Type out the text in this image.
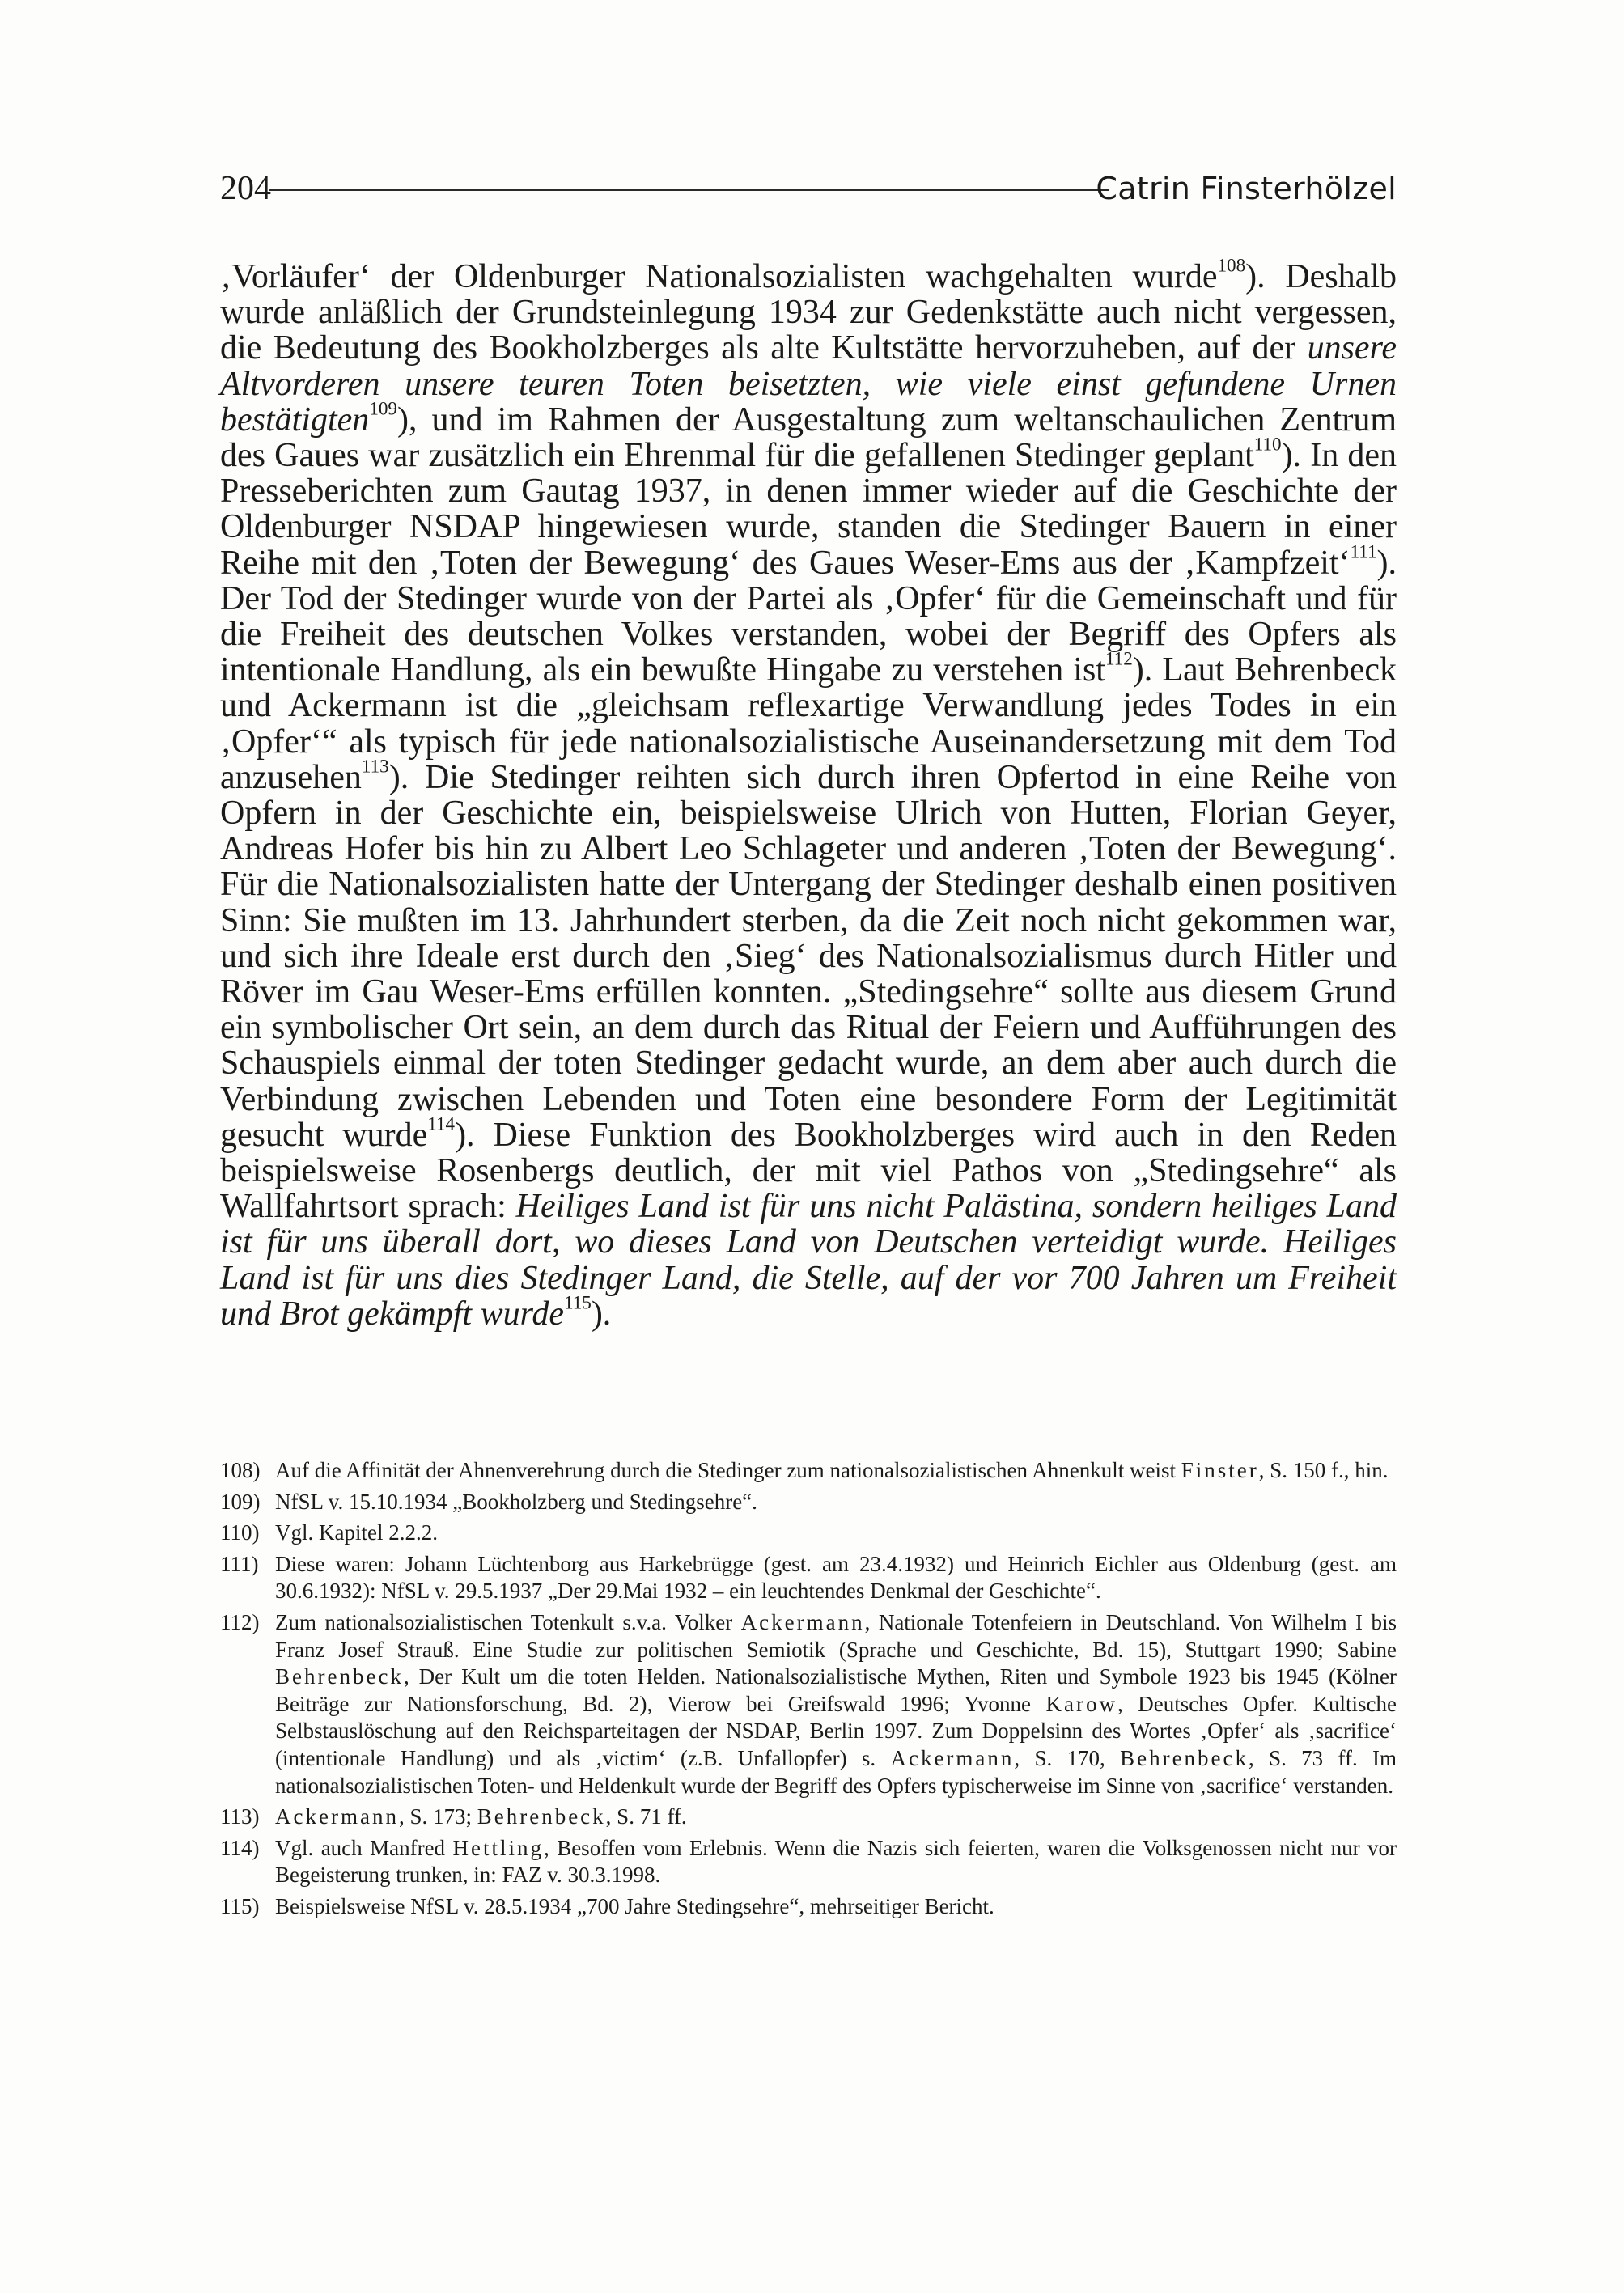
204	Catrin Finsterhölzel

‚Vorläufer‘ der Oldenburger Nationalsozialisten wachgehalten wurde$^{108}$). Deshalb wurde anläßlich der Grundsteinlegung 1934 zur Gedenkstätte auch nicht vergessen, die Bedeutung des Bookholzberges als alte Kultstätte hervorzuheben, auf der unsere Altvorderen unsere teuren Toten beisetzten, wie viele einst gefundene Urnen bestätigten$^{109}$), und im Rahmen der Ausgestaltung zum weltanschaulichen Zentrum des Gaues war zusätzlich ein Ehrenmal für die gefallenen Stedinger geplant$^{110}$). In den Presseberichten zum Gautag 1937, in denen immer wieder auf die Geschichte der Oldenburger NSDAP hingewiesen wurde, standen die Stedinger Bauern in einer Reihe mit den ‚Toten der Bewegung‘ des Gaues Weser-Ems aus der ‚Kampfzeit‘$^{111}$). Der Tod der Stedinger wurde von der Partei als ‚Opfer‘ für die Gemeinschaft und für die Freiheit des deutschen Volkes verstanden, wobei der Begriff des Opfers als intentionale Handlung, als ein bewußte Hingabe zu verstehen ist$^{112}$). Laut Behrenbeck und Ackermann ist die „gleichsam reflexartige Verwandlung jedes Todes in ein ‚Opfer‘“ als typisch für jede nationalsozialistische Auseinandersetzung mit dem Tod anzusehen$^{113}$). Die Stedinger reihten sich durch ihren Opfertod in eine Reihe von Opfern in der Geschichte ein, beispielsweise Ulrich von Hutten, Florian Geyer, Andreas Hofer bis hin zu Albert Leo Schlageter und anderen ‚Toten der Bewegung‘. Für die Nationalsozialisten hatte der Untergang der Stedinger deshalb einen positiven Sinn: Sie mußten im 13. Jahrhundert sterben, da die Zeit noch nicht gekommen war, und sich ihre Ideale erst durch den ‚Sieg‘ des Nationalsozialismus durch Hitler und Röver im Gau Weser-Ems erfüllen konnten. „Stedingsehre“ sollte aus diesem Grund ein symbolischer Ort sein, an dem durch das Ritual der Feiern und Aufführungen des Schauspiels einmal der toten Stedinger gedacht wurde, an dem aber auch durch die Verbindung zwischen Lebenden und Toten eine besondere Form der Legitimität gesucht wurde$^{114}$). Diese Funktion des Bookholzberges wird auch in den Reden beispielsweise Rosenbergs deutlich, der mit viel Pathos von „Stedingsehre“ als Wallfahrtsort sprach: Heiliges Land ist für uns nicht Palästina, sondern heiliges Land ist für uns überall dort, wo dieses Land von Deutschen verteidigt wurde. Heiliges Land ist für uns dies Stedinger Land, die Stelle, auf der vor 700 Jahren um Freiheit und Brot gekämpft wurde$^{115}$).

108) Auf die Affinität der Ahnenverehrung durch die Stedinger zum nationalsozialistischen Ahnenkult weist Finster, S. 150 f., hin.
109) NfSL v. 15.10.1934 „Bookholzberg und Stedingsehre“.
110) Vgl. Kapitel 2.2.2.
111) Diese waren: Johann Lüchtenborg aus Harkebrügge (gest. am 23.4.1932) und Heinrich Eichler aus Oldenburg (gest. am 30.6.1932): NfSL v. 29.5.1937 „Der 29.Mai 1932 – ein leuchtendes Denkmal der Geschichte“.
112) Zum nationalsozialistischen Totenkult s.v.a. Volker Ackermann, Nationale Totenfeiern in Deutschland. Von Wilhelm I bis Franz Josef Strauß. Eine Studie zur politischen Semiotik (Sprache und Geschichte, Bd. 15), Stuttgart 1990; Sabine Behrenbeck, Der Kult um die toten Helden. Nationalsozialistische Mythen, Riten und Symbole 1923 bis 1945 (Kölner Beiträge zur Nationsforschung, Bd. 2), Vierow bei Greifswald 1996; Yvonne Karow, Deutsches Opfer. Kultische Selbstauslöschung auf den Reichsparteitagen der NSDAP, Berlin 1997. Zum Doppelsinn des Wortes ‚Opfer‘ als ‚sacrifice‘ (intentionale Handlung) und als ‚victim‘ (z.B. Unfallopfer) s. Ackermann, S. 170, Behrenbeck, S. 73 ff. Im nationalsozialistischen Toten- und Heldenkult wurde der Begriff des Opfers typischerweise im Sinne von ‚sacrifice‘ verstanden.
113) Ackermann, S. 173; Behrenbeck, S. 71 ff.
114) Vgl. auch Manfred Hettling, Besoffen vom Erlebnis. Wenn die Nazis sich feierten, waren die Volksgenossen nicht nur vor Begeisterung trunken, in: FAZ v. 30.3.1998.
115) Beispielsweise NfSL v. 28.5.1934 „700 Jahre Stedingsehre“, mehrseitiger Bericht.
